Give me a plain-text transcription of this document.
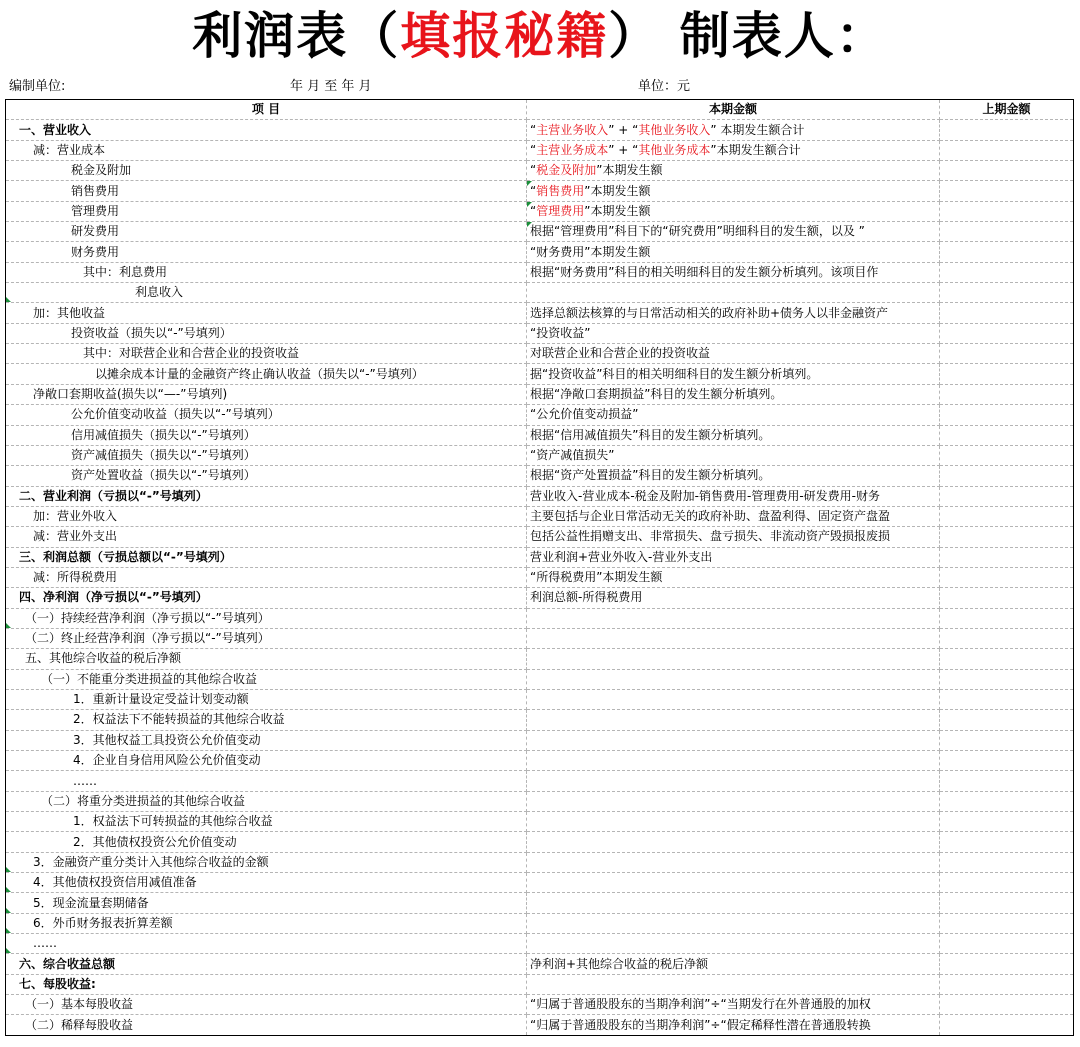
利润表（填报秘籍） 制表人：
编制单位:	年 月 至 年 月	单位：元
项 目	本期金额	上期金额
一、营业收入	“主营业务收入” + “其他业务收入” 本期发生额合计	
减：营业成本	“主营业务成本” + “其他业务成本”本期发生额合计	
税金及附加	“税金及附加”本期发生额	
销售费用	“销售费用”本期发生额	
管理费用	“管理费用”本期发生额	
研发费用	根据“管理费用”科目下的“研究费用”明细科目的发生额，以及 ”	
财务费用	“财务费用”本期发生额	
其中：利息费用	根据“财务费用”科目的相关明细科目的发生额分析填列。该项目作	
利息收入		
加：其他收益	选择总额法核算的与日常活动相关的政府补助+债务人以非金融资产	
投资收益（损失以“-”号填列）	“投资收益”	
其中：对联营企业和合营企业的投资收益	对联营企业和合营企业的投资收益	
以摊余成本计量的金融资产终止确认收益（损失以“-”号填列）	据“投资收益”科目的相关明细科目的发生额分析填列。	
净敞口套期收益(损失以“—-”号填列)	根据“净敞口套期损益”科目的发生额分析填列。	
公允价值变动收益（损失以“-”号填列）	“公允价值变动损益”	
信用减值损失（损失以“-”号填列）	根据“信用减值损失”科目的发生额分析填列。	
资产减值损失（损失以“-”号填列）	“资产减值损失”	
资产处置收益（损失以“-”号填列）	根据“资产处置损益”科目的发生额分析填列。	
二、营业利润（亏损以“-”号填列）	营业收入-营业成本-税金及附加-销售费用-管理费用-研发费用-财务	
加：营业外收入	主要包括与企业日常活动无关的政府补助、盘盈利得、固定资产盘盈	
减：营业外支出	包括公益性捐赠支出、非常损失、盘亏损失、非流动资产毁损报废损	
三、利润总额（亏损总额以“-”号填列）	营业利润+营业外收入-营业外支出	
减：所得税费用	“所得税费用”本期发生额	
四、净利润（净亏损以“-”号填列）	利润总额-所得税费用	
（一）持续经营净利润（净亏损以“-”号填列）		
（二）终止经营净利润（净亏损以“-”号填列）		
五、其他综合收益的税后净额		
（一）不能重分类进损益的其他综合收益		
1．重新计量设定受益计划变动额		
2．权益法下不能转损益的其他综合收益		
3．其他权益工具投资公允价值变动		
4．企业自身信用风险公允价值变动		
……		
（二）将重分类进损益的其他综合收益		
1．权益法下可转损益的其他综合收益		
2．其他债权投资公允价值变动		
3．金融资产重分类计入其他综合收益的金额		
4．其他债权投资信用减值准备		
5．现金流量套期储备		
6．外币财务报表折算差额		
……		
六、综合收益总额	净利润+其他综合收益的税后净额	
七、每股收益:		
（一）基本每股收益	“归属于普通股股东的当期净利润”÷“当期发行在外普通股的加权	
（二）稀释每股收益	“归属于普通股股东的当期净利润”÷“假定稀释性潜在普通股转换	
